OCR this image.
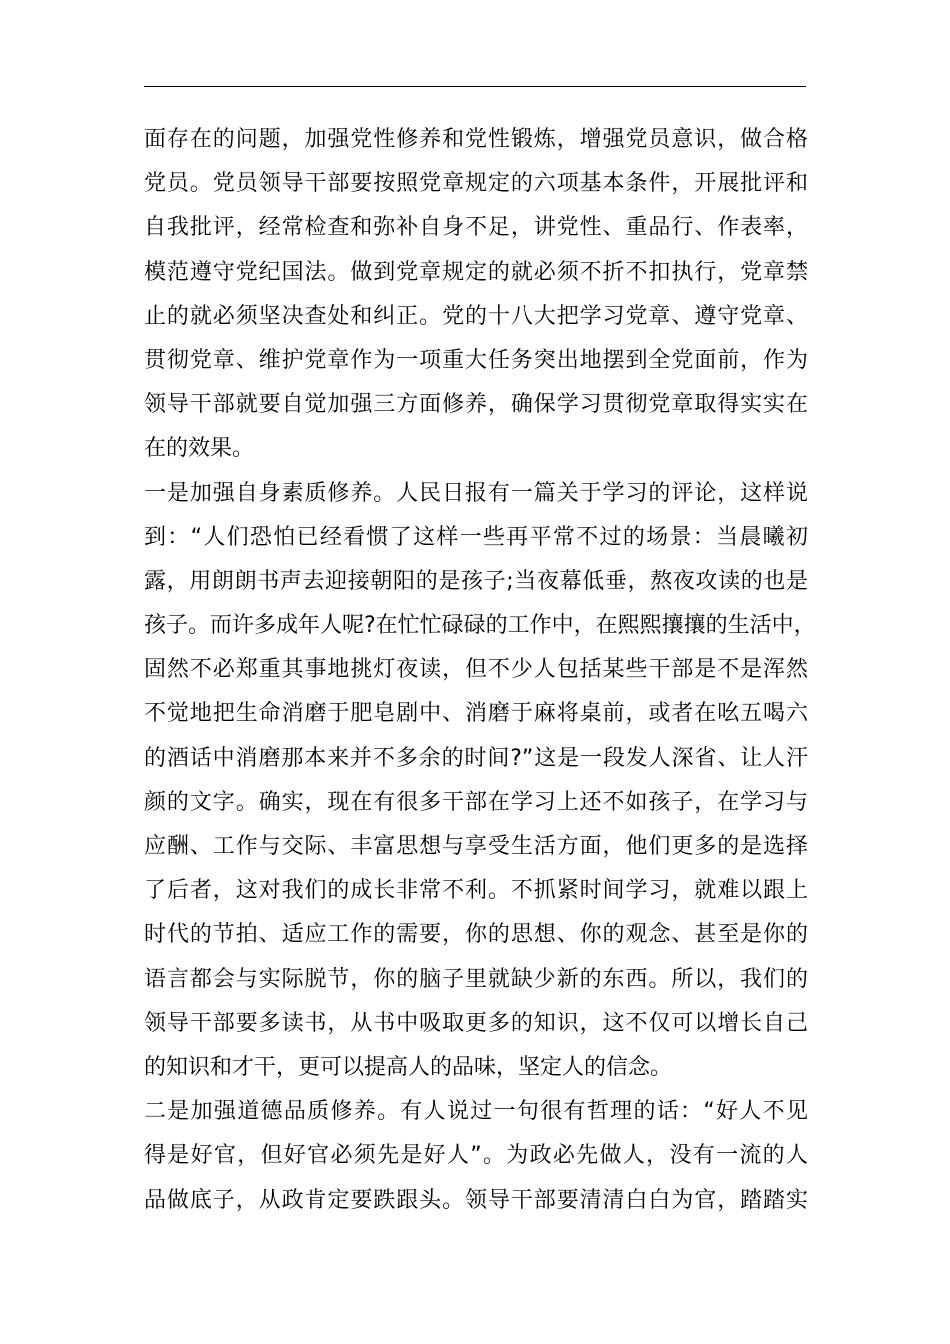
面存在的问题，加强党性修养和党性锻炼，增强党员意识，做合格
党员。党员领导干部要按照党章规定的六项基本条件，开展批评和
自我批评，经常检查和弥补自身不足，讲党性、重品行、作表率，
模范遵守党纪国法。做到党章规定的就必须不折不扣执行，党章禁
止的就必须坚决查处和纠正。党的十八大把学习党章、遵守党章、
贯彻党章、维护党章作为一项重大任务突出地摆到全党面前，作为
领导干部就要自觉加强三方面修养，确保学习贯彻党章取得实实在
在的效果。
一是加强自身素质修养。人民日报有一篇关于学习的评论，这样说
到：“人们恐怕已经看惯了这样一些再平常不过的场景：当晨曦初
露，用朗朗书声去迎接朝阳的是孩子;当夜幕低垂，熬夜攻读的也是
孩子。而许多成年人呢?在忙忙碌碌的工作中，在熙熙攘攘的生活中，
固然不必郑重其事地挑灯夜读，但不少人包括某些干部是不是浑然
不觉地把生命消磨于肥皂剧中、消磨于麻将桌前，或者在吆五喝六
的酒话中消磨那本来并不多余的时间?”这是一段发人深省、让人汗
颜的文字。确实，现在有很多干部在学习上还不如孩子，在学习与
应酬、工作与交际、丰富思想与享受生活方面，他们更多的是选择
了后者，这对我们的成长非常不利。不抓紧时间学习，就难以跟上
时代的节拍、适应工作的需要，你的思想、你的观念、甚至是你的
语言都会与实际脱节，你的脑子里就缺少新的东西。所以，我们的
领导干部要多读书，从书中吸取更多的知识，这不仅可以增长自己
的知识和才干，更可以提高人的品味，坚定人的信念。
二是加强道德品质修养。有人说过一句很有哲理的话：“好人不见
得是好官，但好官必须先是好人”。为政必先做人，没有一流的人
品做底子，从政肯定要跌跟头。领导干部要清清白白为官，踏踏实
